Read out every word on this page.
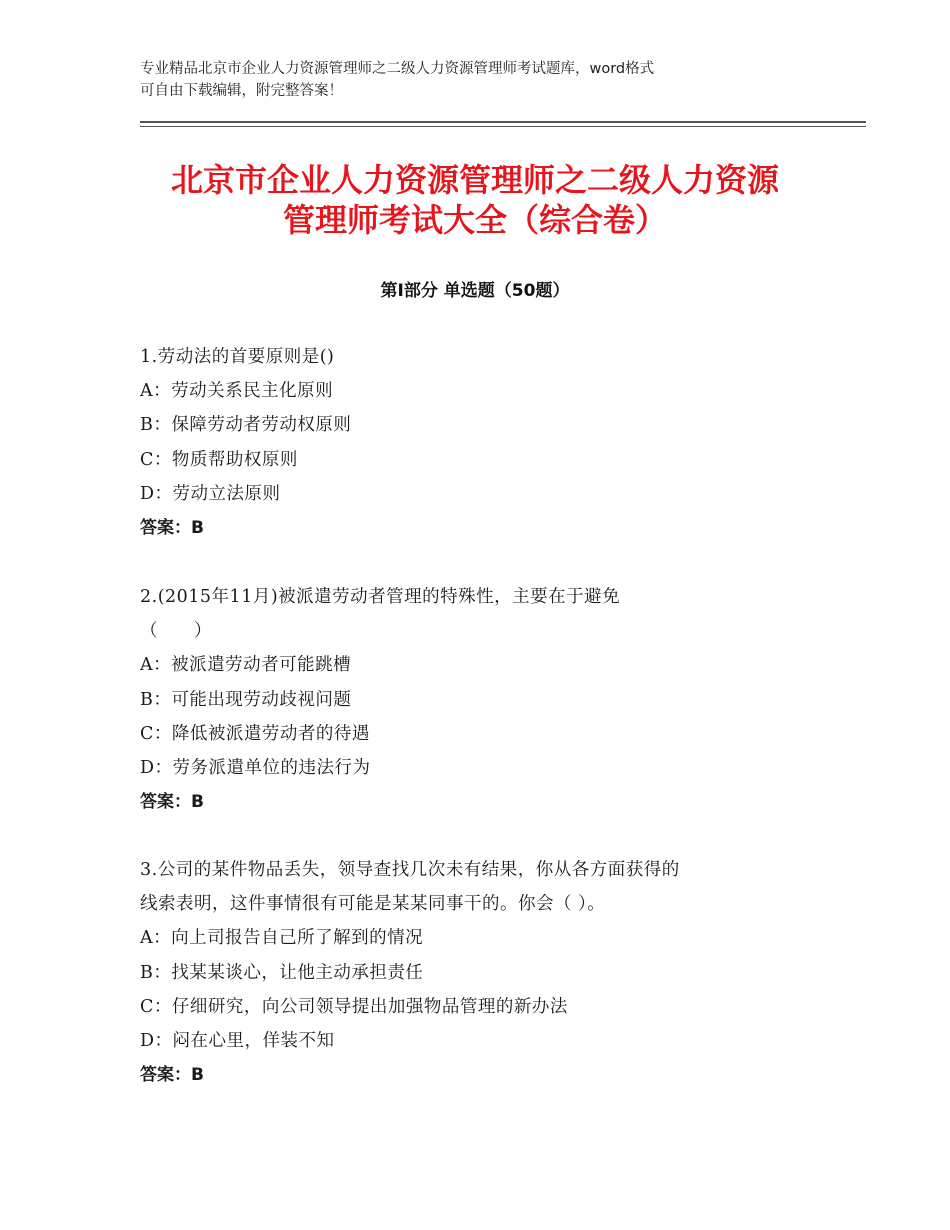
专业精品北京市企业人力资源管理师之二级人力资源管理师考试题库，word格式
可自由下载编辑，附完整答案！
北京市企业人力资源管理师之二级人力资源
管理师考试大全（综合卷）
第Ⅰ部分 单选题（50题）
1.劳动法的首要原则是()
A：劳动关系民主化原则
B：保障劳动者劳动权原则
C：物质帮助权原则
D：劳动立法原则
答案：B
2.(2015年11月)被派遣劳动者管理的特殊性，主要在于避免
（　　）
A：被派遣劳动者可能跳槽
B：可能出现劳动歧视问题
C：降低被派遣劳动者的待遇
D：劳务派遣单位的违法行为
答案：B
3.公司的某件物品丢失，领导查找几次未有结果，你从各方面获得的
线索表明，这件事情很有可能是某某同事干的。你会（ ）。
A：向上司报告自己所了解到的情况
B：找某某谈心，让他主动承担责任
C：仔细研究，向公司领导提出加强物品管理的新办法
D：闷在心里，佯装不知
答案：B
